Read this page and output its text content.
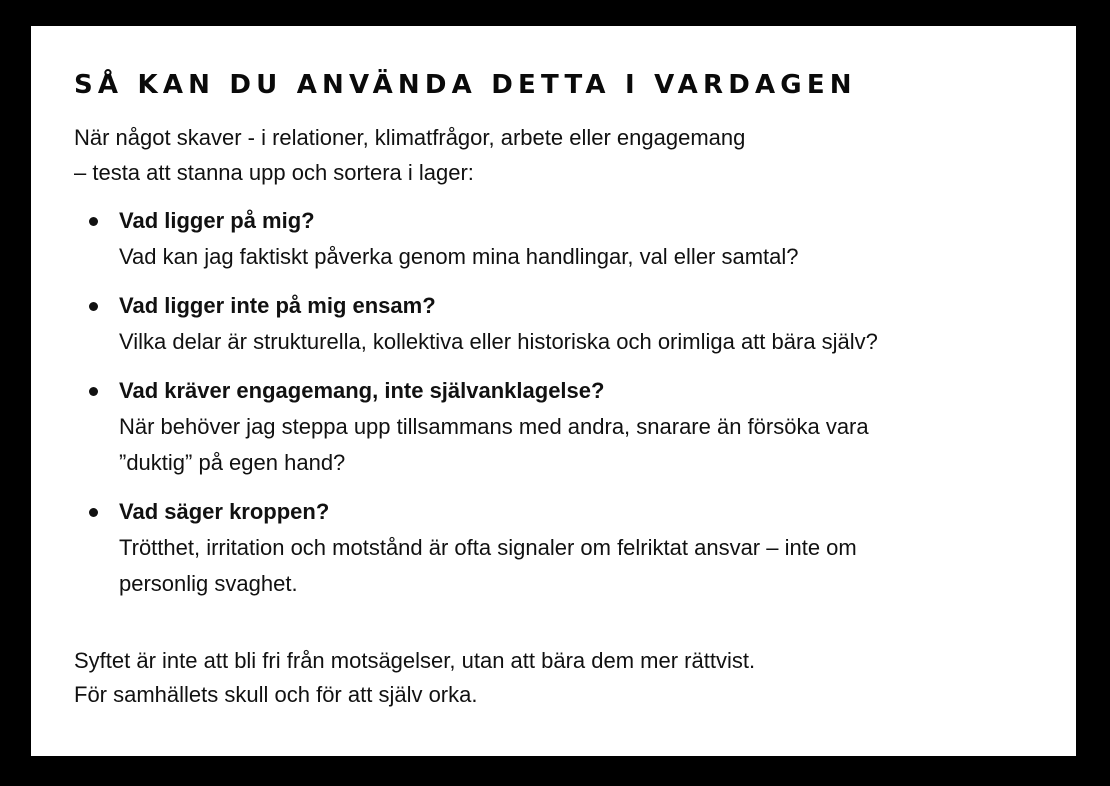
SÅ KAN DU ANVÄNDA DETTA I VARDAGEN

När något skaver - i relationer, klimatfrågor, arbete eller engagemang
– testa att stanna upp och sortera i lager:

Vad ligger på mig?
Vad kan jag faktiskt påverka genom mina handlingar, val eller samtal?
Vad ligger inte på mig ensam?
Vilka delar är strukturella, kollektiva eller historiska och orimliga att bära själv?
Vad kräver engagemang, inte självanklagelse?
När behöver jag steppa upp tillsammans med andra, snarare än försöka vara
”duktig” på egen hand?
Vad säger kroppen?
Trötthet, irritation och motstånd är ofta signaler om felriktat ansvar – inte om
personlig svaghet.

Syftet är inte att bli fri från motsägelser, utan att bära dem mer rättvist.
För samhällets skull och för att själv orka.
